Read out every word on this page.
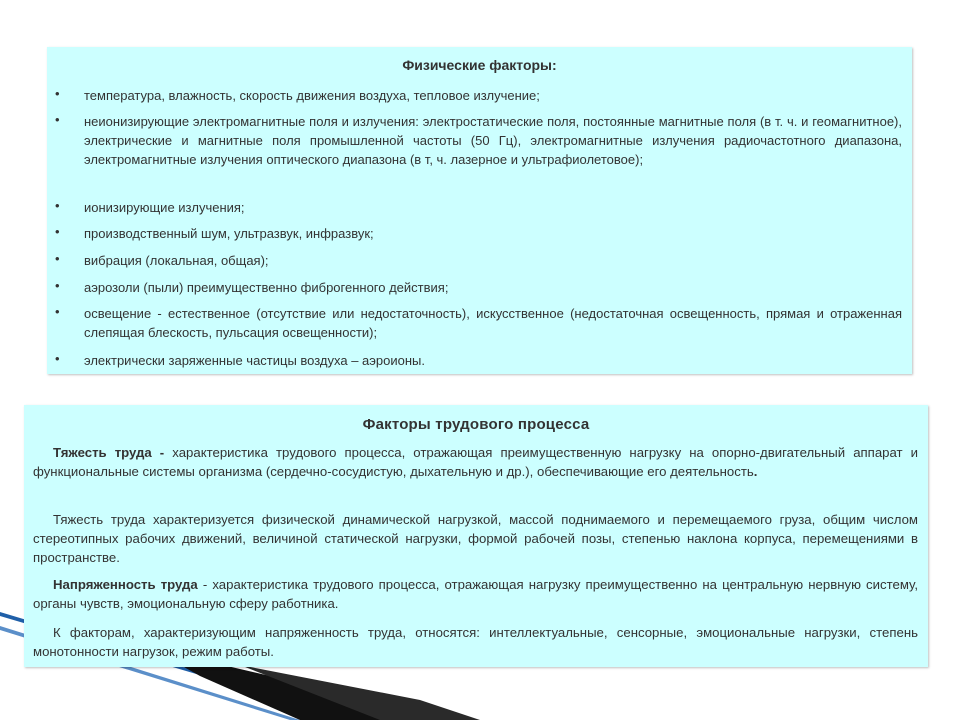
Физические факторы:
• температура, влажность, скорость движения воздуха, тепловое излучение;
• неионизирующие электромагнитные поля и излучения: электростатические поля, постоянные магнитные поля (в т. ч. и геомагнитное), электрические и магнитные поля промышленной частоты (50 Гц), электромагнитные излучения радиочастотного диапазона, электромагнитные излучения оптического диапазона (в т, ч. лазерное и ультрафиолетовое);
• ионизирующие излучения;
• производственный шум, ультразвук, инфразвук;
• вибрация (локальная, общая);
• аэрозоли (пыли) преимущественно фиброгенного действия;
• освещение - естественное (отсутствие или недостаточность), искусственное (недостаточная освещенность, прямая и отраженная слепящая блескость, пульсация освещенности);
• электрически заряженные частицы воздуха – аэроионы.
Факторы трудового процесса
Тяжесть труда - характеристика трудового процесса, отражающая преимущественную нагрузку на опорно-двигательный аппарат и функциональные системы организма (сердечно-сосудистую, дыхательную и др.), обеспечивающие его деятельность.
Тяжесть труда характеризуется физической динамической нагрузкой, массой поднимаемого и перемещаемого груза, общим числом стереотипных рабочих движений, величиной статической нагрузки, формой рабочей позы, степенью наклона корпуса, перемещениями в пространстве.
Напряженность труда - характеристика трудового процесса, отражающая нагрузку преимущественно на центральную нервную систему, органы чувств, эмоциональную сферу работника.
К факторам, характеризующим напряженность труда, относятся: интеллектуальные, сенсорные, эмоциональные нагрузки, степень монотонности нагрузок, режим работы.
